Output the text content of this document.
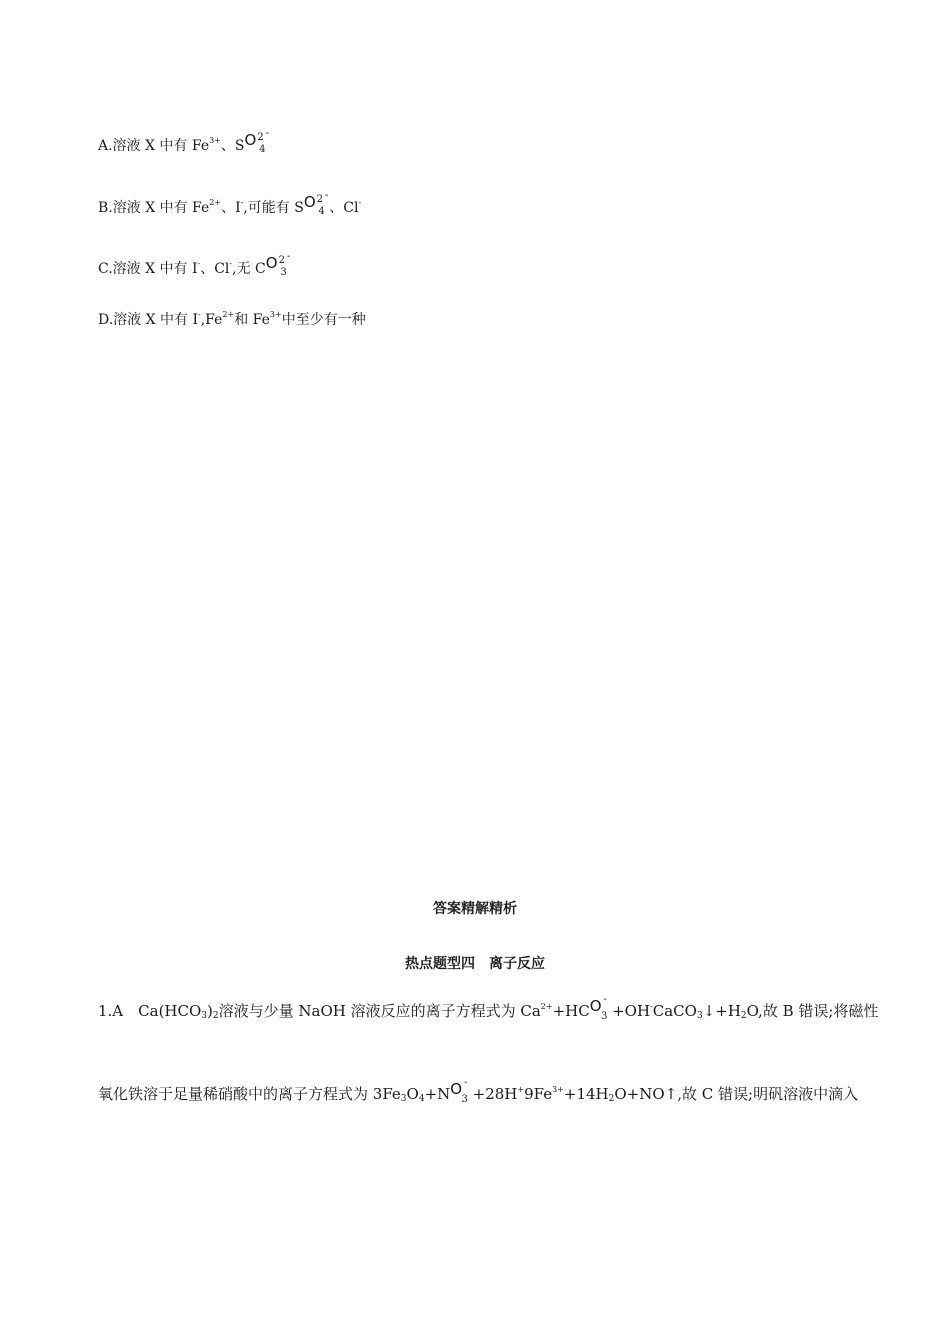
A.溶液 X 中有 $Fe^{3+}$、$SO^2$ -4
B.溶液 X 中有 $Fe^{2+}$、I-,可能有 $SO^2$ -4 、Cl-
C.溶液 X 中有 I-、Cl-,无 $CO^2$ -3
D.溶液 X 中有 $I^-,Fe^{2+}$和 $Fe^{3+}$中至少有一种
答案精解精析
热点题型四　离子反应
1.A　Ca(HCO3)2溶液与少量 NaOH 溶液反应的离子方程式为 $Ca^{2+}+HCO$ -$_3$ +OH-CaCO3↓+H2O,故 B 错误;将磁性
氧化铁溶于足量稀硝酸中的离子方程式为 3Fe3O4+NO $^-_3 +28H^+9Fe^{3+}+14H2O+NO↑$,故 C 错误;明矾溶液中滴入
